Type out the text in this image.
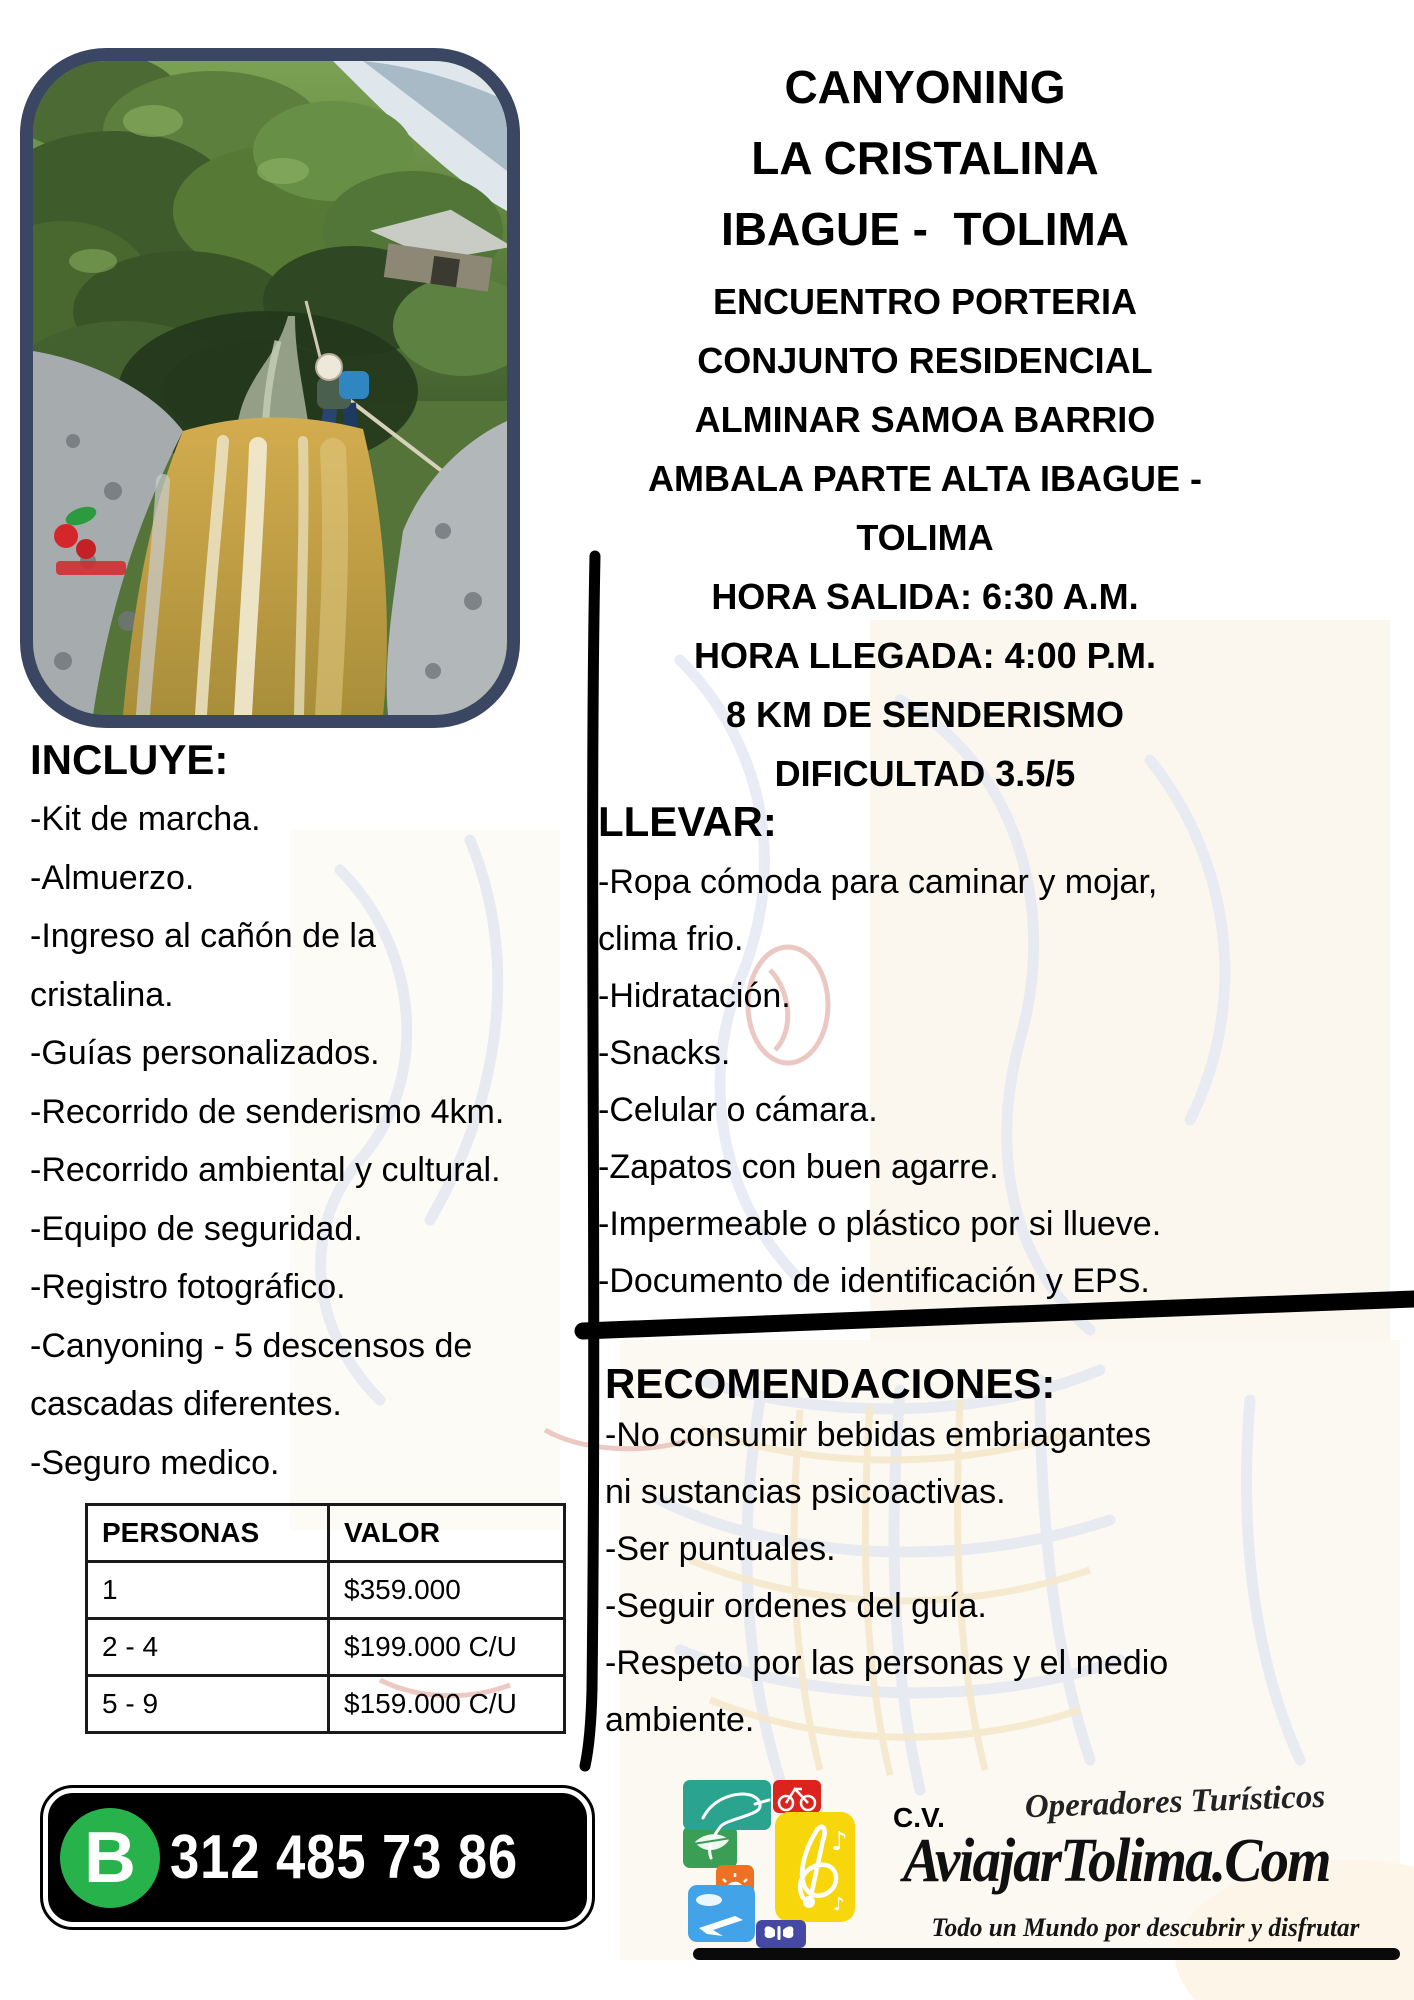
CANYONING
LA CRISTALINA
IBAGUE -  TOLIMA
ENCUENTRO PORTERIA
CONJUNTO RESIDENCIAL
ALMINAR SAMOA BARRIO
AMBALA PARTE ALTA IBAGUE -
TOLIMA
HORA SALIDA: 6:30 A.M.
HORA LLEGADA: 4:00 P.M.
8 KM DE SENDERISMO
DIFICULTAD 3.5/5
INCLUYE:
-Kit de marcha.
-Almuerzo.
-Ingreso al cañón de la
cristalina.
-Guías personalizados.
-Recorrido de senderismo 4km.
-Recorrido ambiental y cultural.
-Equipo de seguridad.
-Registro fotográfico.
-Canyoning - 5 descensos de
cascadas diferentes.
-Seguro medico.
LLEVAR:
-Ropa cómoda para caminar y mojar,
clima frio.
-Hidratación.
-Snacks.
-Celular o cámara.
-Zapatos con buen agarre.
-Impermeable o plástico por si llueve.
-Documento de identificación y EPS.
RECOMENDACIONES:
-No consumir bebidas embriagantes
ni sustancias psicoactivas.
-Ser puntuales.
-Seguir ordenes del guía.
-Respeto por las personas y el medio
ambiente.
PERSONAS	VALOR
1	$359.000
2 - 4	$199.000 C/U
5 - 9	$159.000 C/U
B 312 485 73 86	♪
♪
C.V.	Operadores Turísticos
AviajarTolima.Com
Todo un Mundo por descubrir y disfrutar
